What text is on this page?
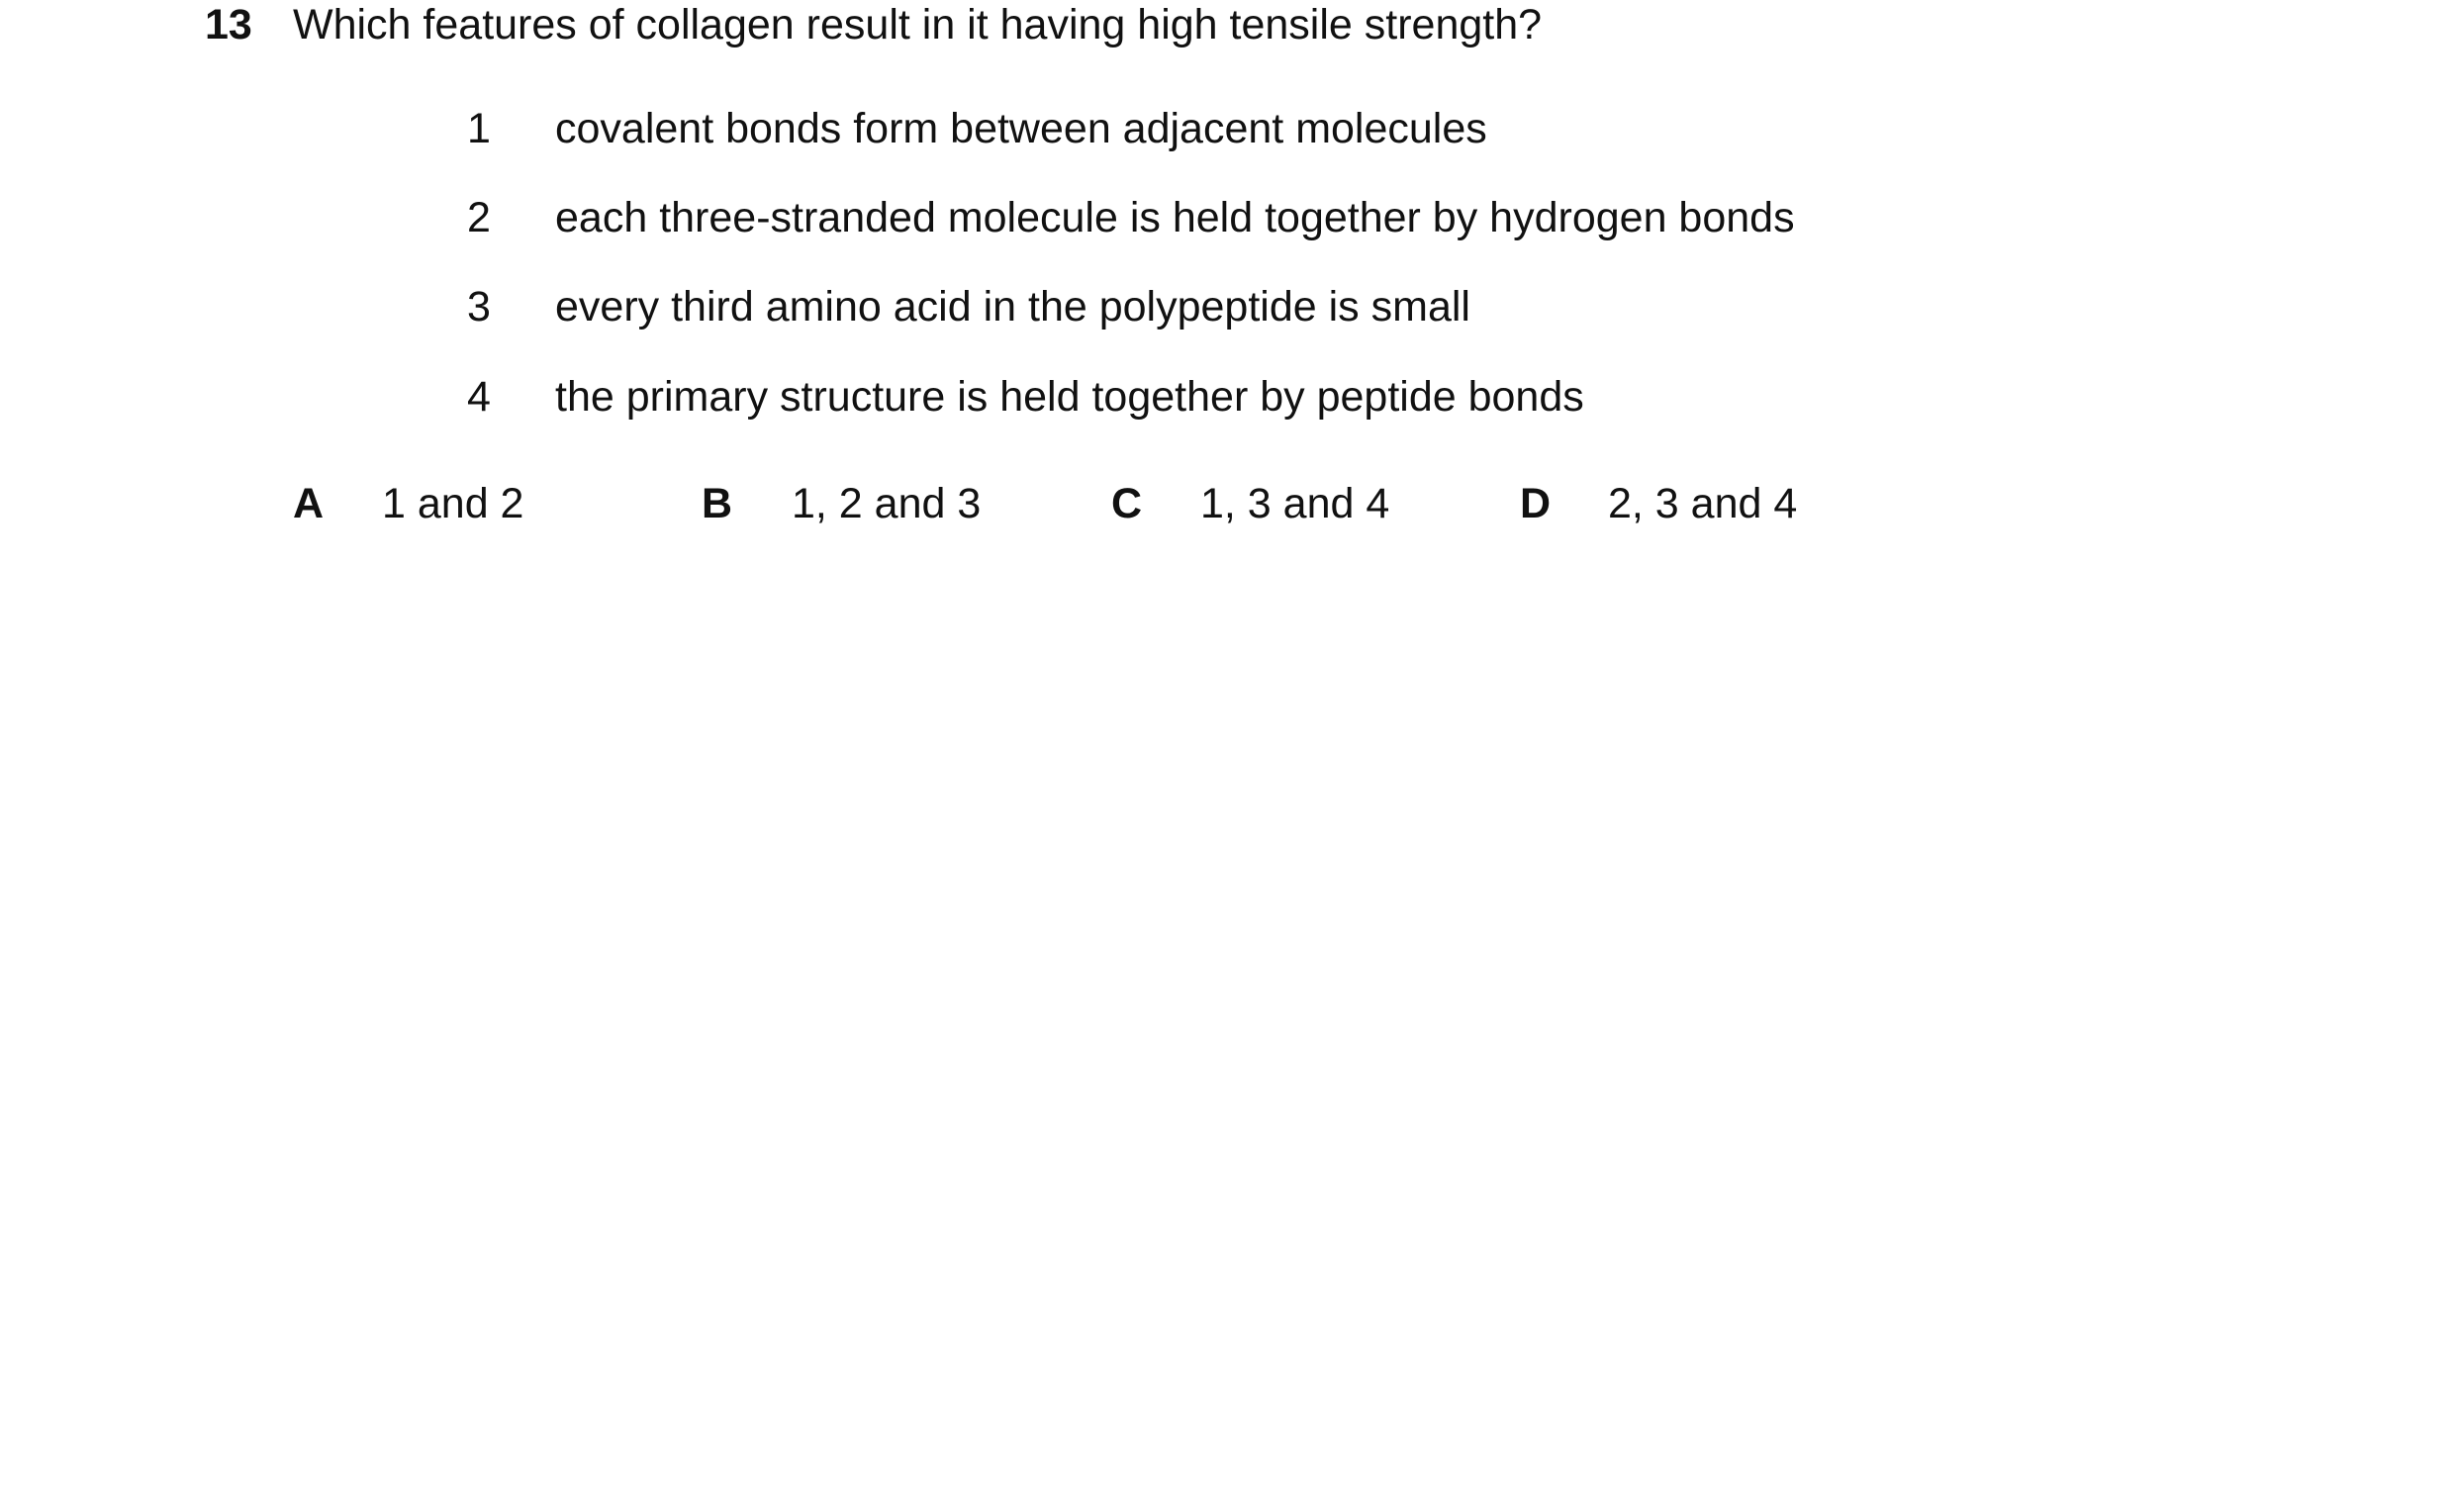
13 Which features of collagen result in it having high tensile strength?
1 covalent bonds form between adjacent molecules
2 each three-stranded molecule is held together by hydrogen bonds
3 every third amino acid in the polypeptide is small
4 the primary structure is held together by peptide bonds
A 1 and 2	B 1, 2 and 3	C 1, 3 and 4	D 2, 3 and 4
